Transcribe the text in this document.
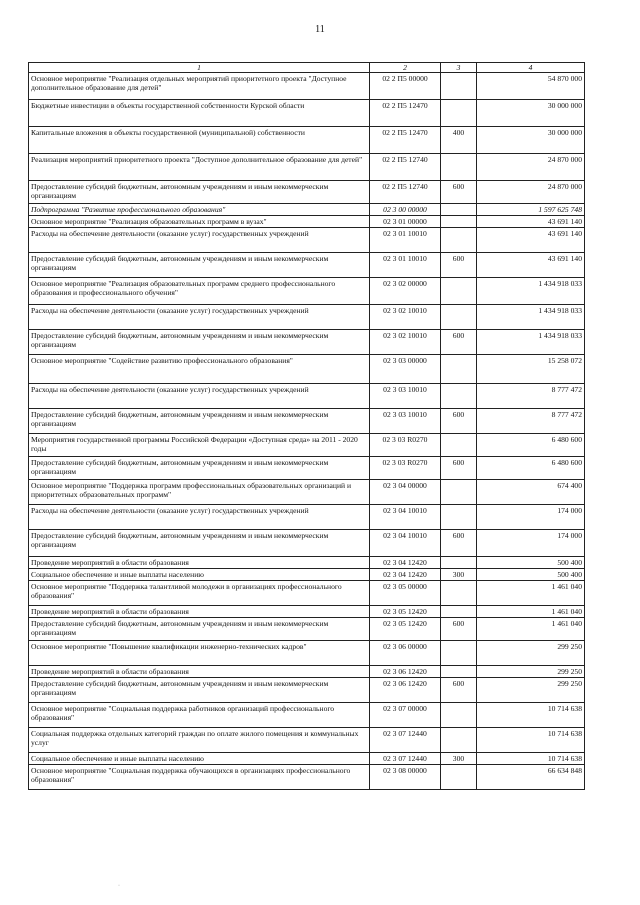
11
1	2	3	4
Основное мероприятие "Реализация отдельных мероприятий приоритетного проекта "Доступное дополнительное образование для детей"	02 2 П5 00000		54 870 000
Бюджетные инвестиции в объекты государственной собственности Курской области	02 2 П5 12470		30 000 000
Капитальные вложения в объекты государственной (муниципальной) собственности	02 2 П5 12470	400	30 000 000
Реализация мероприятий приоритетного проекта "Доступное дополнительное образование для детей"	02 2 П5 12740		24 870 000
Предоставление субсидий бюджетным, автономным учреждениям и иным некоммерческим организациям	02 2 П5 12740	600	24 870 000
Подпрограмма "Развитие профессионального образования"	02 3 00 00000		1 597 625 748
Основное мероприятие "Реализация образовательных программ в вузах"	02 3 01 00000		43 691 140
Расходы на обеспечение деятельности (оказание услуг) государственных учреждений	02 3 01 10010		43 691 140
Предоставление субсидий бюджетным, автономным учреждениям и иным некоммерческим организациям	02 3 01 10010	600	43 691 140
Основное мероприятие "Реализация образовательных программ среднего профессионального образования и профессионального обучения"	02 3 02 00000		1 434 918 033
Расходы на обеспечение деятельности (оказание услуг) государственных учреждений	02 3 02 10010		1 434 918 033
Предоставление субсидий бюджетным, автономным учреждениям и иным некоммерческим организациям	02 3 02 10010	600	1 434 918 033
Основное мероприятие "Содействие развитию профессионального образования"	02 3 03 00000		15 258 072
Расходы на обеспечение деятельности (оказание услуг) государственных учреждений	02 3 03 10010		8 777 472
Предоставление субсидий бюджетным, автономным учреждениям и иным некоммерческим организациям	02 3 03 10010	600	8 777 472
Мероприятия государственной программы Российской Федерации «Доступная среда» на 2011 - 2020 годы	02 3 03 R0270		6 480 600
Предоставление субсидий бюджетным, автономным учреждениям и иным некоммерческим организациям	02 3 03 R0270	600	6 480 600
Основное мероприятие "Поддержка программ профессиональных образовательных организаций и приоритетных образовательных программ"	02 3 04 00000		674 400
Расходы на обеспечение деятельности (оказание услуг) государственных учреждений	02 3 04 10010		174 000
Предоставление субсидий бюджетным, автономным учреждениям и иным некоммерческим организациям	02 3 04 10010	600	174 000
Проведение мероприятий в области образования	02 3 04 12420		500 400
Социальное обеспечение и иные выплаты населению	02 3 04 12420	300	500 400
Основное мероприятие "Поддержка талантливой молодежи в организациях профессионального образования"	02 3 05 00000		1 461 040
Проведение мероприятий в области образования	02 3 05 12420		1 461 040
Предоставление субсидий бюджетным, автономным учреждениям и иным некоммерческим организациям	02 3 05 12420	600	1 461 040
Основное мероприятие "Повышение квалификации инженерно-технических кадров"	02 3 06 00000		299 250
Проведение мероприятий в области образования	02 3 06 12420		299 250
Предоставление субсидий бюджетным, автономным учреждениям и иным некоммерческим организациям	02 3 06 12420	600	299 250
Основное мероприятие "Социальная поддержка работников организаций профессионального образования"	02 3 07 00000		10 714 638
Социальная поддержка отдельных категорий граждан по оплате жилого помещения и коммунальных услуг	02 3 07 12440		10 714 638
Социальное обеспечение и иные выплаты населению	02 3 07 12440	300	10 714 638
Основное мероприятие "Социальная поддержка обучающихся в организациях профессионального образования"	02 3 08 00000		66 634 848
·
